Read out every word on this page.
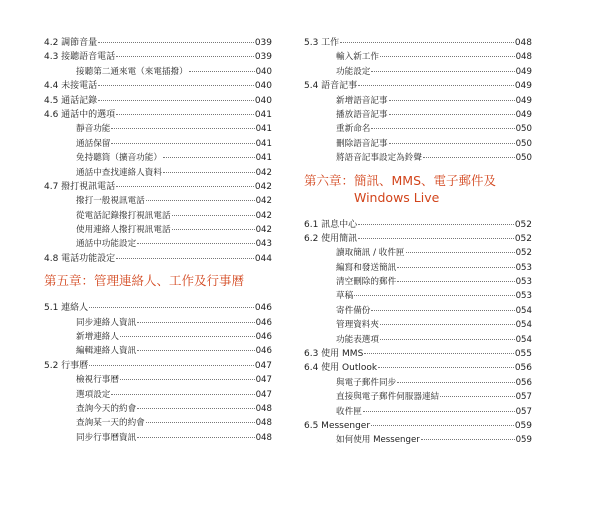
4.2 調節音量	039
4.3 接聽語音電話	039
接聽第二通來電（來電插撥）	040
4.4 未接電話	040
4.5 通話記錄	040
4.6 通話中的選項	041
靜音功能	041
通話保留	041
免持聽筒（擴音功能）	041
通話中查找連絡人資料	042
4.7 撥打視訊電話	042
撥打一般視訊電話	042
從電話記錄撥打視訊電話	042
使用連絡人撥打視訊電話	042
通話中功能設定	043
4.8 電話功能設定	044
第五章：管理連絡人、工作及行事曆
5.1 連絡人	046
同步連絡人資訊	046
新增連絡人	046
編輯連絡人資訊	046
5.2 行事曆	047
檢視行事曆	047
選項設定	047
查詢今天的約會	048
查詢某一天的約會	048
同步行事曆資訊	048
5.3 工作	048
輸入新工作	048
功能設定	049
5.4 語音記事	049
新增語音記事	049
播放語音記事	049
重新命名	050
刪除語音記事	050
將語音記事設定為鈴聲	050
第六章：簡訊、MMS、電子郵件及
Windows Live
6.1 訊息中心	052
6.2 使用簡訊	052
讀取簡訊 / 收件匣	052
編寫和發送簡訊	053
清空刪除的郵件	053
草稿	053
寄件備份	054
管理資料夾	054
功能表選項	054
6.3 使用 MMS	055
6.4 使用 Outlook	056
與電子郵件同步	056
直接與電子郵件伺服器連結	057
收件匣	057
6.5 Messenger	059
如何使用 Messenger	059
